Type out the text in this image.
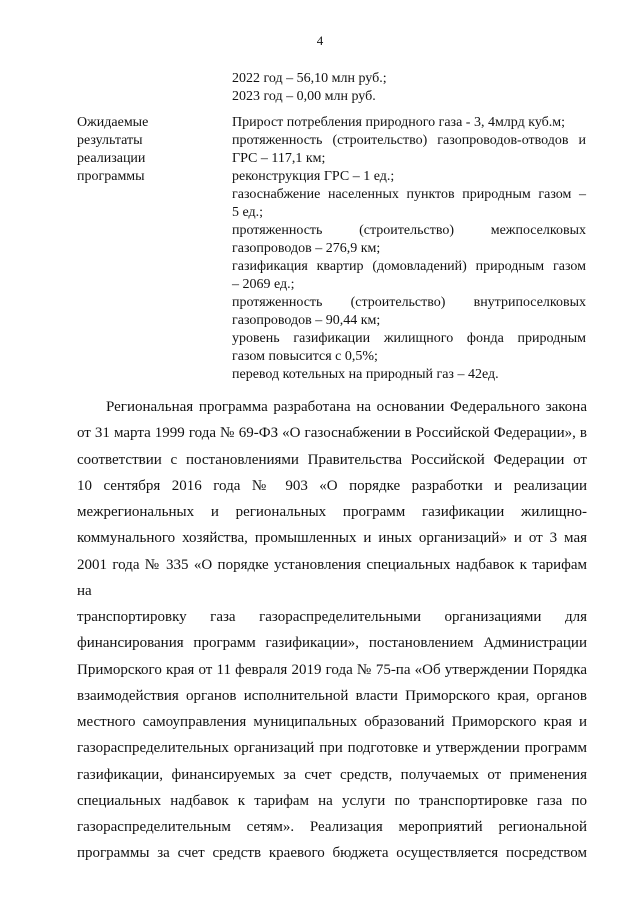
4
2022 год – 56,10 млн руб.;
2023 год – 0,00 млн руб.
Ожидаемые
результаты
реализации
программы
Прирост потребления природного газа - 3, 4млрд куб.м;
протяженность (строительство) газопроводов-отводов и
ГРС – 117,1 км;
реконструкция ГРС – 1 ед.;
газоснабжение населенных пунктов природным газом –
5 ед.;
протяженность (строительство) межпоселковых
газопроводов – 276,9 км;
газификация квартир (домовладений) природным газом
– 2069 ед.;
протяженность (строительство) внутрипоселковых
газопроводов – 90,44 км;
уровень газификации жилищного фонда природным
газом повысится с 0,5%;
перевод котельных на природный газ – 42ед.
Региональная программа разработана на основании Федерального закона
от 31 марта 1999 года № 69-ФЗ «О газоснабжении в Российской Федерации», в
соответствии с постановлениями Правительства Российской Федерации от
10 сентября 2016 года № 903 «О порядке разработки и реализации
межрегиональных и региональных программ газификации жилищно-
коммунального хозяйства, промышленных и иных организаций» и от 3 мая
2001 года № 335 «О порядке установления специальных надбавок к тарифам на
транспортировку газа газораспределительными организациями для
финансирования программ газификации», постановлением Администрации
Приморского края от 11 февраля 2019 года № 75-па «Об утверждении Порядка
взаимодействия органов исполнительной власти Приморского края, органов
местного самоуправления муниципальных образований Приморского края и
газораспределительных организаций при подготовке и утверждении программ
газификации, финансируемых за счет средств, получаемых от применения
специальных надбавок к тарифам на услуги по транспортировке газа по
газораспределительным сетям». Реализация мероприятий региональной
программы за счет средств краевого бюджета осуществляется посредством
